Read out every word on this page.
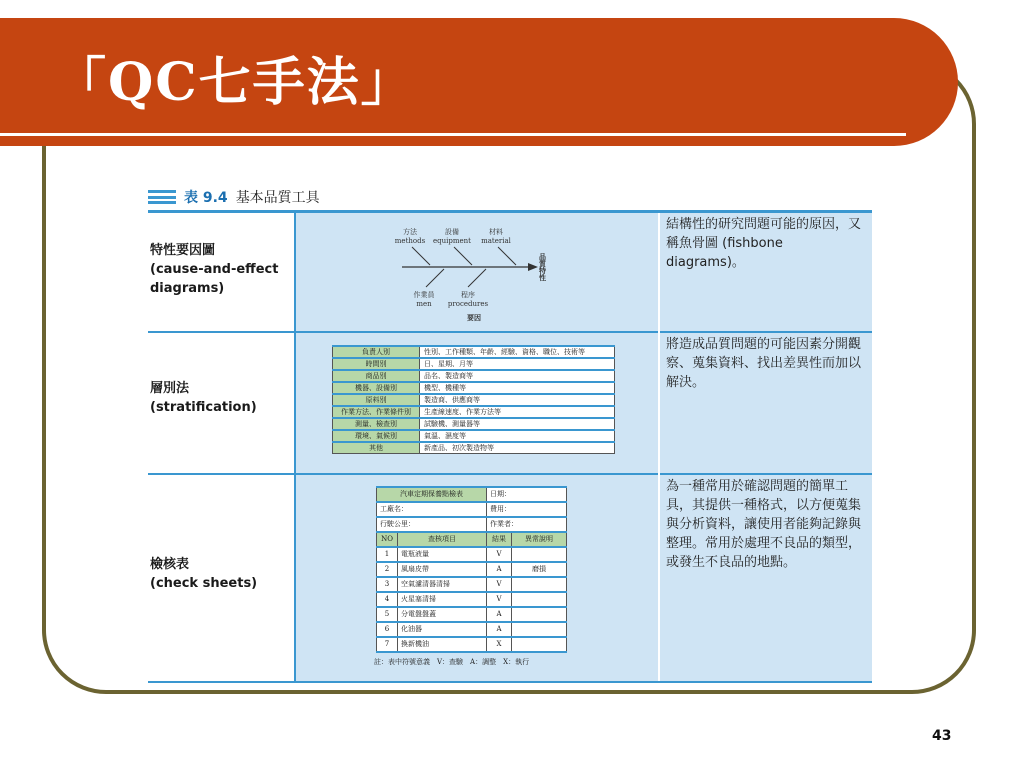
「QC七手法」
表 9.4 基本品質工具
特性要因圖
(cause-and-effect
diagrams)

方法
methods
設備
equipment
材料
material
作業員
men
程序
procedures
要因
品質特性

結構性的研究問題可能的原因，又稱魚骨圖 (fishbone diagrams)。

層別法
(stratification)

負責人別	性別、工作種類、年齡、經驗、資格、職位、技術等
時間別	日、星期、月等
商品別	品名、製造商等
機器、設備別	機型、機種等
原料別	製造商、供應商等
作業方法、作業條件別	生產線速度、作業方法等
測量、檢查別	試驗機、測量器等
環境、氣候別	氣溫、濕度等
其他	新產品、初次製造物等

將造成品質問題的可能因素分開觀察、蒐集資料、找出差異性而加以解決。

檢核表
(check sheets)

汽車定期保養點檢表	日期：
工廠名：	費用：
行駛公里：	作業者：
NO	查核項目	結果	異常說明
1	電瓶液量	V	
2	風扇皮帶	A	磨損
3	空氣濾清器清掃	V	
4	火星塞清掃	V	
5	分電盤盤蓋	A	
6	化油器	A	
7	換新機油	X	
註：表中符號意義　V：查驗　A：調整　X：執行

為一種常用於確認問題的簡單工具，其提供一種格式，以方便蒐集與分析資料，讓使用者能夠記錄與整理。常用於處理不良品的類型，或發生不良品的地點。
43
